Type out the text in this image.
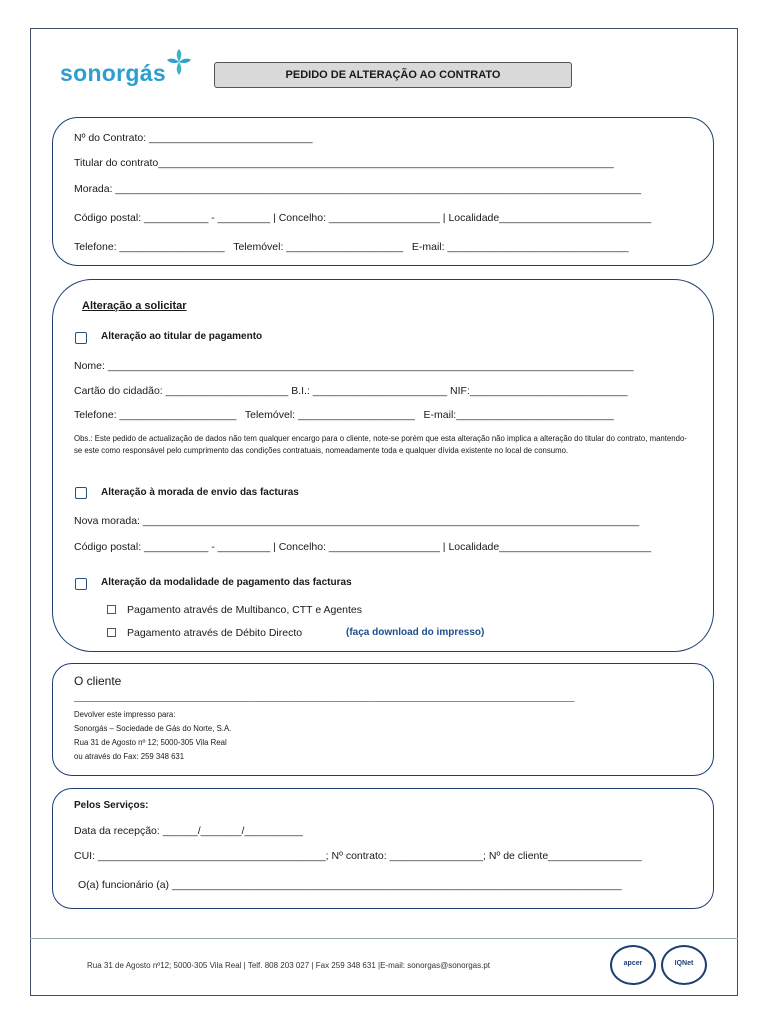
sonorgás	PEDIDO DE ALTERAÇÃO AO CONTRATO
Nº do Contrato: ____________________________
Titular do contrato______________________________________________________________________________
Morada: __________________________________________________________________________________________
Código postal: ___________ - _________ | Concelho: ___________________ | Localidade__________________________
Telefone: __________________   Telemóvel: ____________________   E-mail: _______________________________
Alteração a solicitar
Alteração ao titular de pagamento
Nome: __________________________________________________________________________________________
Cartão do cidadão: _____________________ B.I.: _______________________ NIF:___________________________
Telefone: ____________________   Telemóvel: ____________________   E-mail:___________________________
Obs.: Este pedido de actualização de dados não tem qualquer encargo para o cliente, note-se porém que esta alteração não implica a alteração do titular do contrato, mantendo-se este como responsável pelo cumprimento das condições contratuais, nomeadamente toda e qualquer dívida existente no local de consumo.
Alteração à morada de envio das facturas
Nova morada: _____________________________________________________________________________________
Código postal: ___________ - _________ | Concelho: ___________________ | Localidade__________________________
Alteração da modalidade de pagamento das facturas
Pagamento através de Multibanco, CTT e Agentes
Pagamento através de Débito Directo	(faça download do impresso)
O cliente
____________________________________________________________________________________________________
Devolver este impresso para:
Sonorgás – Sociedade de Gás do Norte, S.A.
Rua 31 de Agosto nº 12; 5000-305 Vila Real
ou através do Fax: 259 348 631
Pelos Serviços:
Data da recepção: ______/_______/__________
CUI: _______________________________________; Nº contrato: ________________; Nº de cliente________________
O(a) funcionário (a) _____________________________________________________________________________
Rua 31 de Agosto nº12; 5000-305 Vila Real | Telf. 808 203 027 | Fax 259 348 631 |E-mail: sonorgas@sonorgas.pt	apcer	IQNet
